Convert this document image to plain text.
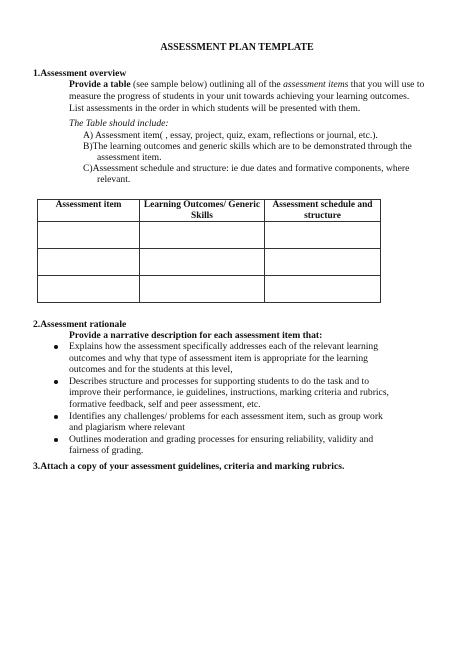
ASSESSMENT PLAN TEMPLATE
1.Assessment overview
Provide a table (see sample below) outlining all of the assessment items that you will use to
measure the progress of students in your unit towards achieving your learning outcomes.
List assessments in the order in which students will be presented with them.
The Table should include:
A) Assessment item( , essay, project, quiz, exam, reflections or journal, etc.).
B)The learning outcomes and generic skills which are to be demonstrated through the
assessment item.
C)Assessment schedule and structure: ie due dates and formative components, where
relevant.
Assessment item	Learning Outcomes/ Generic Skills	Assessment schedule and structure

2.Assessment rationale
Provide a narrative description for each assessment item that:
Explains how the assessment specifically addresses each of the relevant learning outcomes and why that type of assessment item is appropriate for the learning outcomes and for the students at this level,
Describes structure and processes for supporting students to do the task and to improve their performance, ie guidelines, instructions, marking criteria and rubrics, formative feedback, self and peer assessment, etc.
Identifies any challenges/ problems for each assessment item, such as group work and plagiarism where relevant
Outlines moderation and grading processes for ensuring reliability, validity and fairness of grading.
3.Attach a copy of your assessment guidelines, criteria and marking rubrics.
